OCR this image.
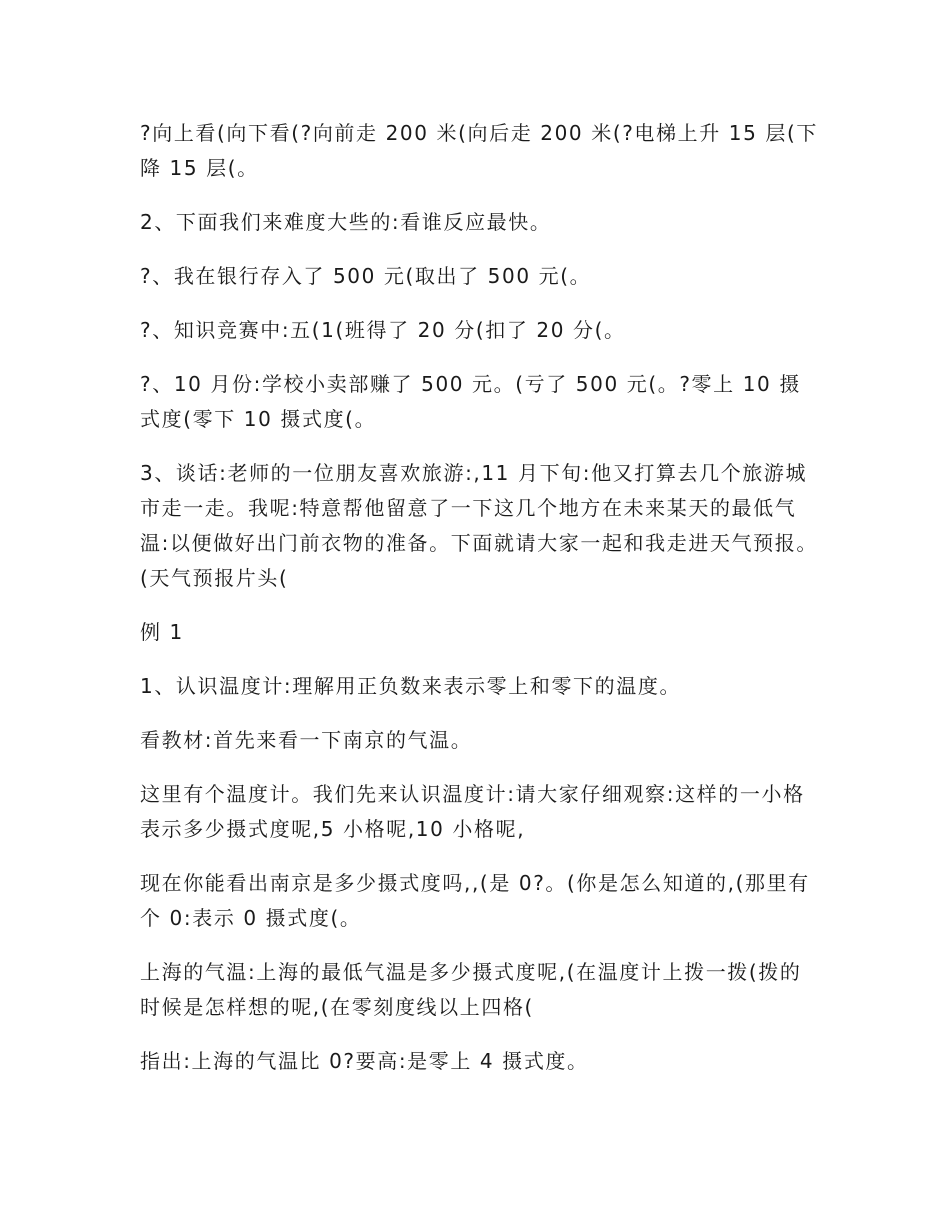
?向上看(向下看(?向前走 200 米(向后走 200 米(?电梯上升 15 层(下降 15 层(。

2、下面我们来难度大些的:看谁反应最快。

?、我在银行存入了 500 元(取出了 500 元(。

?、知识竞赛中:五(1(班得了 20 分(扣了 20 分(。

?、10 月份:学校小卖部赚了 500 元。(亏了 500 元(。?零上 10 摄式度(零下 10 摄式度(。

3、谈话:老师的一位朋友喜欢旅游:,11 月下旬:他又打算去几个旅游城市走一走。我呢:特意帮他留意了一下这几个地方在未来某天的最低气温:以便做好出门前衣物的准备。下面就请大家一起和我走进天气预报。(天气预报片头(

例 1

1、认识温度计:理解用正负数来表示零上和零下的温度。

看教材:首先来看一下南京的气温。

这里有个温度计。我们先来认识温度计:请大家仔细观察:这样的一小格表示多少摄式度呢,5 小格呢,10 小格呢,

现在你能看出南京是多少摄式度吗,,(是 0?。(你是怎么知道的,(那里有个 0:表示 0 摄式度(。

上海的气温:上海的最低气温是多少摄式度呢,(在温度计上拨一拨(拨的时候是怎样想的呢,(在零刻度线以上四格(

指出:上海的气温比 0?要高:是零上 4 摄式度。
